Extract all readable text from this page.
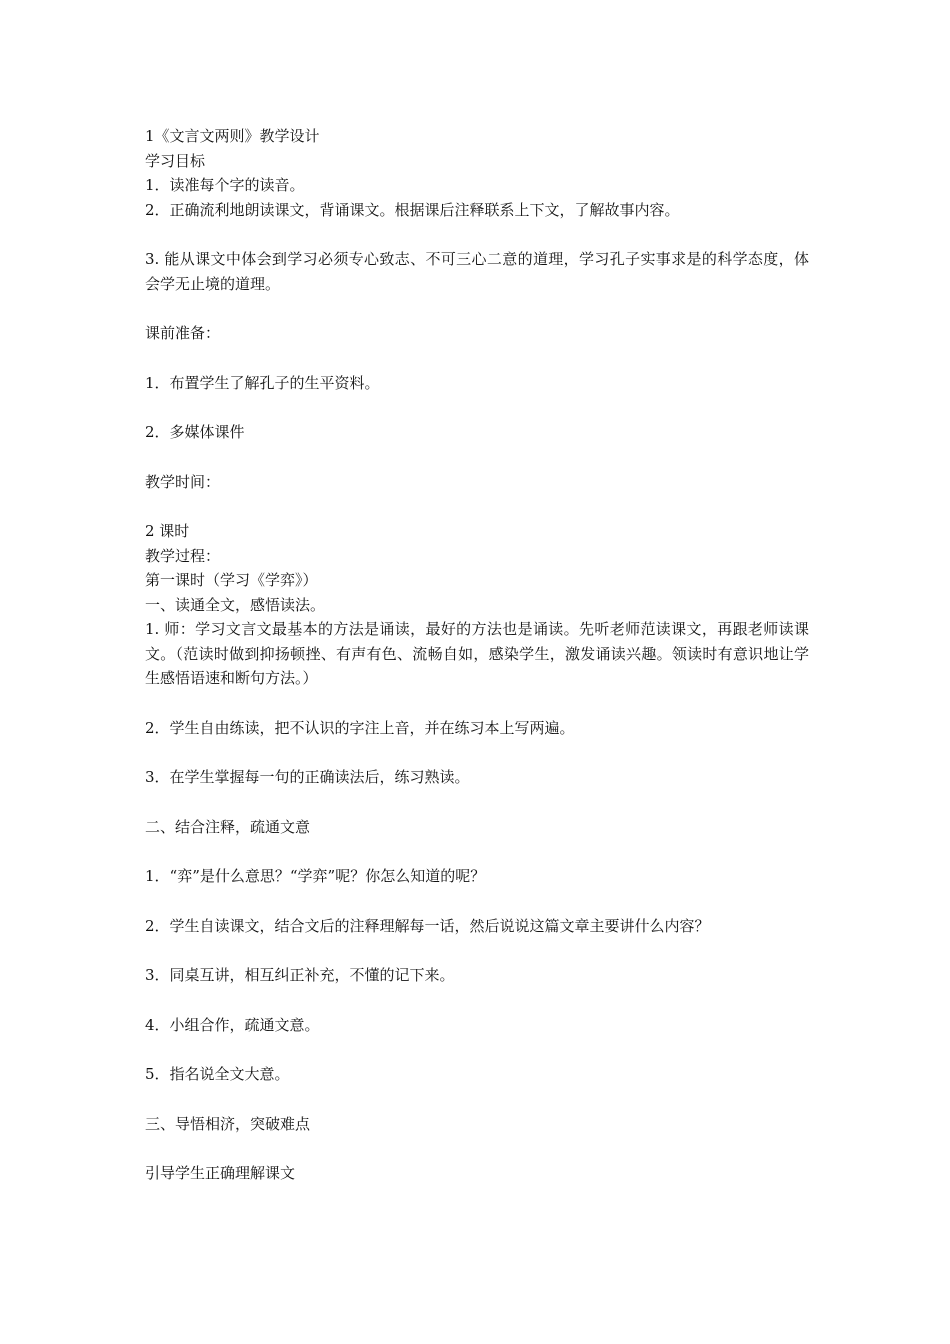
1《文言文两则》教学设计

学习目标

1．读准每个字的读音。

2．正确流利地朗读课文，背诵课文。根据课后注释联系上下文，了解故事内容。

3. 能从课文中体会到学习必须专心致志、不可三心二意的道理，学习孔子实事求是的科学态度，体会学无止境的道理。

课前准备：

1．布置学生了解孔子的生平资料。

2．多媒体课件

教学时间：

2 课时

教学过程：

第一课时（学习《学弈》）

一、读通全文，感悟读法。

1. 师：学习文言文最基本的方法是诵读，最好的方法也是诵读。先听老师范读课文，再跟老师读课文。（范读时做到抑扬顿挫、有声有色、流畅自如，感染学生，激发诵读兴趣。领读时有意识地让学生感悟语速和断句方法。）

2．学生自由练读，把不认识的字注上音，并在练习本上写两遍。

3．在学生掌握每一句的正确读法后，练习熟读。

二、结合注释，疏通文意

1．“弈”是什么意思？“学弈”呢？你怎么知道的呢？

2．学生自读课文，结合文后的注释理解每一话，然后说说这篇文章主要讲什么内容？

3．同桌互讲，相互纠正补充，不懂的记下来。

4．小组合作，疏通文意。

5．指名说全文大意。

三、导悟相济，突破难点

引导学生正确理解课文
